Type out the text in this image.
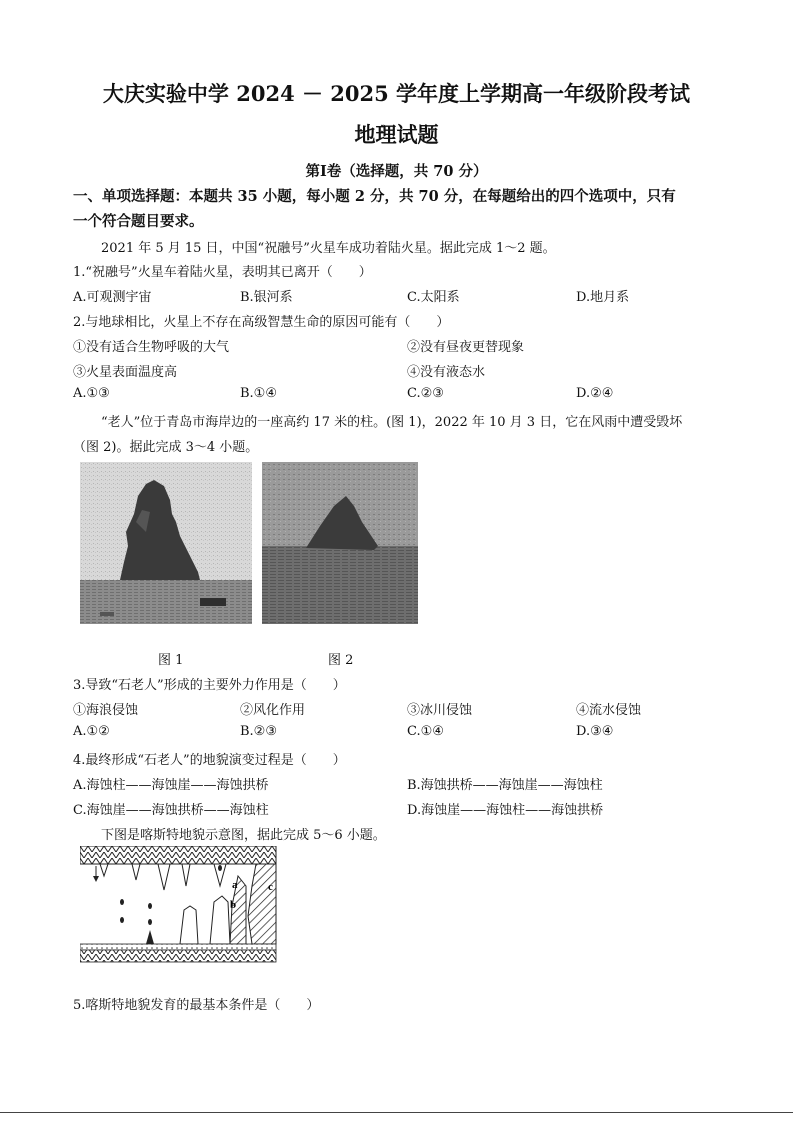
大庆实验中学 2024 － 2025 学年度上学期高一年级阶段考试
地理试题
第Ⅰ卷（选择题，共 70 分）
一、单项选择题：本题共 35 小题，每小题 2 分，共 70 分，在每题给出的四个选项中，只有
一个符合题目要求。
2021 年 5 月 15 日，中国“祝融号”火星车成功着陆火星。据此完成 1～2 题。
1.“祝融号”火星车着陆火星，表明其已离开（　　）
A.可观测宇宙	B.银河系	C.太阳系	D.地月系
2.与地球相比，火星上不存在高级智慧生命的原因可能有（　　）
①没有适合生物呼吸的大气	②没有昼夜更替现象
③火星表面温度高	④没有液态水
A.①③	B.①④	C.②③	D.②④
“老人”位于青岛市海岸边的一座高约 17 米的柱。(图 1)，2022 年 10 月 3 日，它在风雨中遭受毁坏
（图 2)。据此完成 3～4 小题。
图 1	图 2
3.导致“石老人”形成的主要外力作用是（　　）
①海浪侵蚀	②风化作用	③冰川侵蚀	④流水侵蚀
A.①②	B.②③	C.①④	D.③④
4.最终形成“石老人”的地貌演变过程是（　　）
A.海蚀柱——海蚀崖——海蚀拱桥	B.海蚀拱桥——海蚀崖——海蚀柱
C.海蚀崖——海蚀拱桥——海蚀柱	D.海蚀崖——海蚀柱——海蚀拱桥
下图是喀斯特地貌示意图，据此完成 5～6 小题。
a
b
c
5.喀斯特地貌发育的最基本条件是（　　）
